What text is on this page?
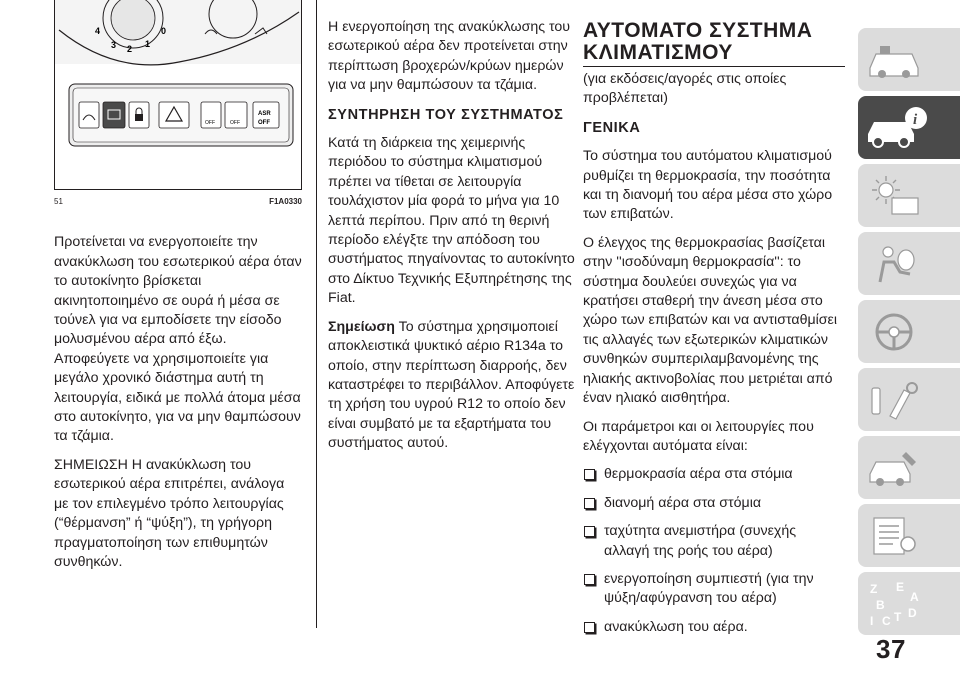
4
3 2 1
0
OFF	OFF
ASR
OFF
51	F1A0330

Προτείνεται να ενεργοποιείτε την ανακύκλωση του εσωτερικού αέρα όταν το αυτοκίνητο βρίσκεται ακινητοποιημένο σε ουρά ή μέσα σε τούνελ για να εμποδίσετε την είσοδο μολυσμένου αέρα από έξω. Αποφεύγετε να χρησιμοποιείτε για μεγάλο χρονικό διάστημα αυτή τη λειτουργία, ειδικά με πολλά άτομα μέσα στο αυτοκίνητο, για να μην θαμπώσουν τα τζάμια.

ΣΗΜΕΙΩΣΗ Η ανακύκλωση του εσωτερικού αέρα επιτρέπει, ανάλογα με τον επιλεγμένο τρόπο λειτουργίας (“θέρμανση” ή “ψύξη”), τη γρήγορη πραγματοποίηση των επιθυμητών συνθηκών.

Η ενεργοποίηση της ανακύκλωσης του εσωτερικού αέρα δεν προτείνεται στην περίπτωση βροχερών/κρύων ημερών για να μην θαμπώσουν τα τζάμια.

ΣΥΝΤΗΡΗΣΗ ΤΟΥ ΣΥΣΤΗΜΑΤΟΣ

Κατά τη διάρκεια της χειμερινής περιόδου το σύστημα κλιματισμού πρέπει να τίθεται σε λειτουργία τουλάχιστον μία φορά το μήνα για 10 λεπτά περίπου. Πριν από τη θερινή περίοδο ελέγξτε την απόδοση του συστήματος πηγαίνοντας το αυτοκίνητο στο Δίκτυο Τεχνικής Εξυπηρέτησης της Fiat.

Σημείωση Το σύστημα χρησιμοποιεί αποκλειστικά ψυκτικό αέριο R134a το οποίο, στην περίπτωση διαρροής, δεν καταστρέφει το περιβάλλον. Αποφύγετε τη χρήση του υγρού R12 το οποίο δεν είναι συμβατό με τα εξαρτήματα του συστήματος αυτού.

ΑΥΤΟΜΑΤΟ ΣΥΣΤΗΜΑ
ΚΛΙΜΑΤΙΣΜΟΥ

(για εκδόσεις/αγορές στις οποίες προβλέπεται)

ΓΕΝΙΚΑ

Το σύστημα του αυτόματου κλιματισμού ρυθμίζει τη θερμοκρασία, την ποσότητα και τη διανομή του αέρα μέσα στο χώρο των επιβατών.

Ο έλεγχος της θερμοκρασίας βασίζεται στην ''ισοδύναμη θερμοκρασία'': το σύστημα δουλεύει συνεχώς για να κρατήσει σταθερή την άνεση μέσα στο χώρο των επιβατών και να αντισταθμίσει τις αλλαγές των εξωτερικών κλιματικών συνθηκών συμπεριλαμβανομένης της ηλιακής ακτινοβολίας που μετριέται από έναν ηλιακό αισθητήρα.

Οι παράμετροι και οι λειτουργίες που ελέγχονται αυτόματα είναι:

θερμοκρασία αέρα στα στόμια
διανομή αέρα στα στόμια
ταχύτητα ανεμιστήρα (συνεχής αλλαγή της ροής του αέρα)
ενεργοποίηση συμπιεστή (για την ψύξη/αφύγρανση του αέρα)
ανακύκλωση του αέρα.
i
Z E
A
B
D
I C T
37
